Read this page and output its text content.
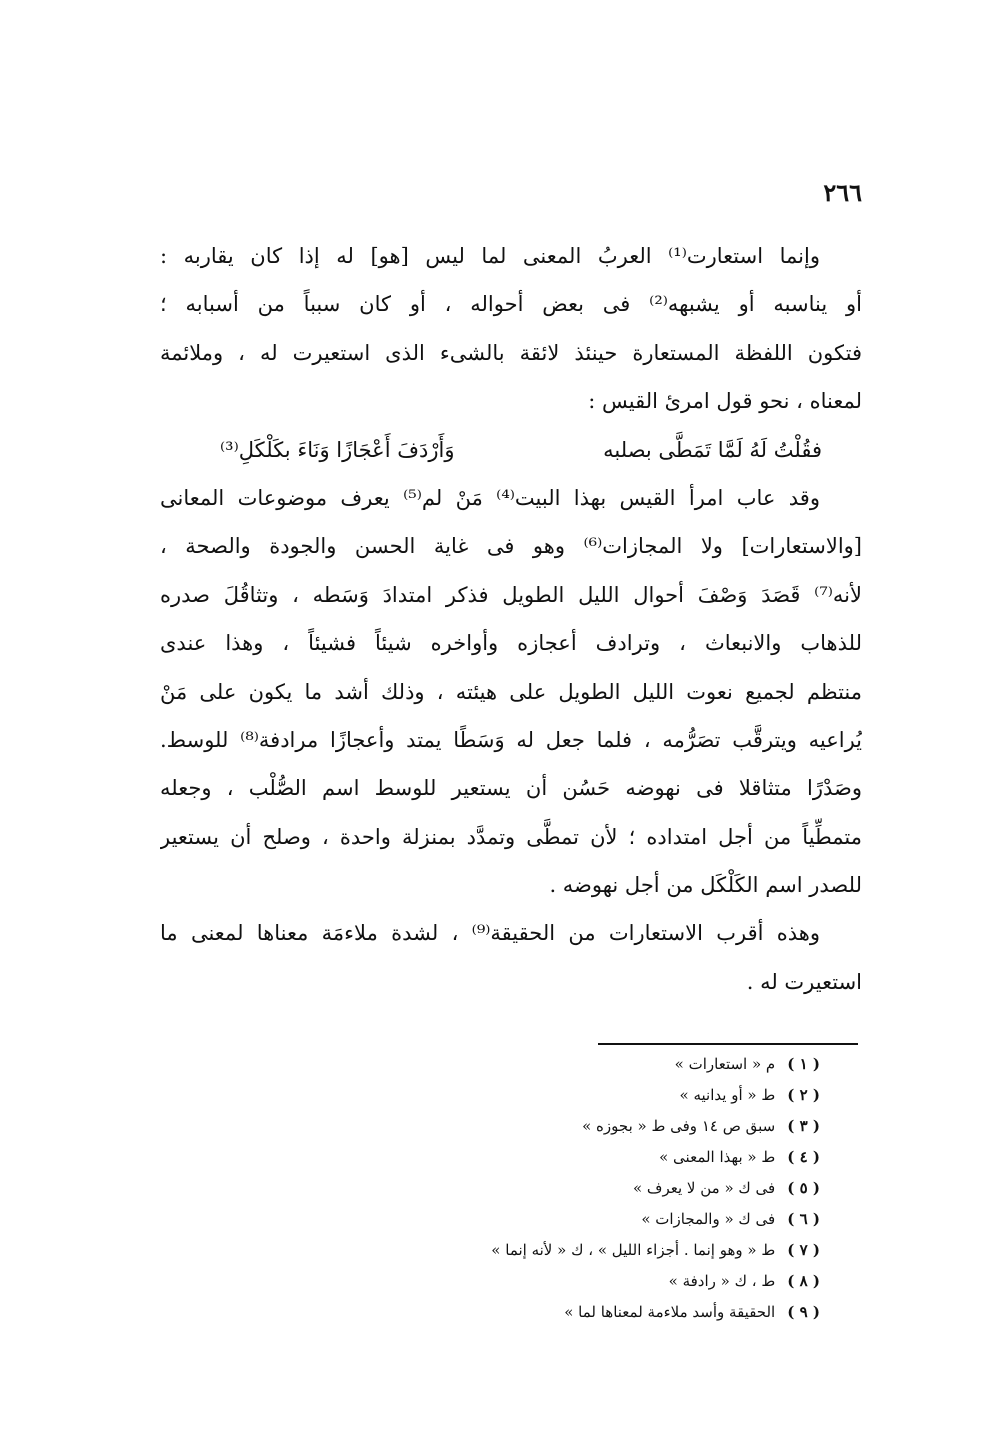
٢٦٦
وإنما استعارت⁽¹⁾ العربُ المعنى لما ليس [هو] له إذا كان يقاربه :
أو يناسبه أو يشبهه⁽²⁾ فى بعض أحواله ، أو كان سبباً من أسبابه ؛
فتكون اللفظة المستعارة حينئذ لائقة بالشىء الذى استعيرت له ، وملائمة
لمعناه ، نحو قول امرئ القيس :
فقُلْتُ لَهُ لَمَّا تَمَطَّى بصلبه
وَأَرْدَفَ أَعْجَازًا وَنَاءَ بكَلْكَلِ⁽³⁾
وقد عاب امرأ القيس بهذا البيت⁽⁴⁾ مَنْ لم⁽⁵⁾ يعرف موضوعات المعانى
[والاستعارات] ولا المجازات⁽⁶⁾ وهو فى غاية الحسن والجودة والصحة ،
لأنه⁽⁷⁾ قَصَدَ وَصْفَ أحوال الليل الطويل فذكر امتدادَ وَسَطه ، وتثاقُلَ صدره
للذهاب والانبعاث ، وترادف أعجازه وأواخره شيئاً فشيئاً ، وهذا عندى
منتظم لجميع نعوت الليل الطويل على هيئته ، وذلك أشد ما يكون على مَنْ
يُراعيه ويترقَّب تصَرُّمه ، فلما جعل له وَسَطًا يمتد وأعجازًا مرادفة⁽⁸⁾ للوسط.
وصَدْرًا متثاقلا فى نهوضه حَسُن أن يستعير للوسط اسم الصُّلْب ، وجعله
متمطِّياً من أجل امتداده ؛ لأن تمطَّى وتمدَّد بمنزلة واحدة ، وصلح أن يستعير
للصدر اسم الكَلْكَل من أجل نهوضه .
وهذه أقرب الاستعارات من الحقيقة⁽⁹⁾ ، لشدة ملاءمَة معناها لمعنى ما
استعيرت له .
( ١ ) م « استعارات »
( ٢ ) ط « أو يدانيه »
( ٣ ) سبق ص ١٤ وفى ط « بجوزه »
( ٤ ) ط « بهذا المعنى »
( ٥ ) فى ك « من لا يعرف »
( ٦ ) فى ك « والمجازات »
( ٧ ) ط « وهو إنما . أجزاء الليل » ، ك « لأنه إنما »
( ٨ ) ط ، ك « رادفة »
( ٩ ) الحقيقة وأسد ملاءمة لمعناها لما »
